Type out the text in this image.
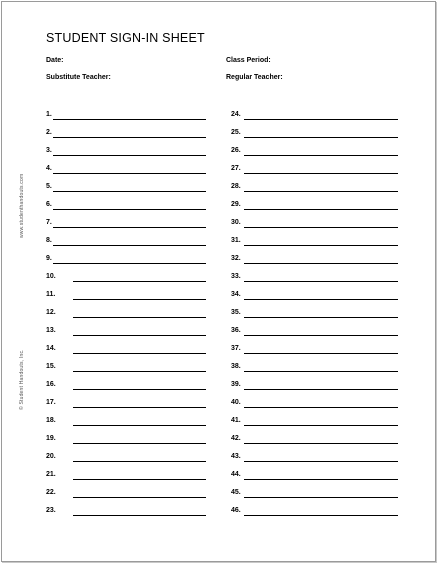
STUDENT SIGN-IN SHEET
Date:	Class Period:
Substitute Teacher:	Regular Teacher:
www.studenthandouts.com
© Student Handouts, Inc.
1.
2.
3.
4.
5.
6.
7.
8.
9.
10.
11.
12.
13.
14.
15.
16.
17.
18.
19.
20.
21.
22.
23.
24.
25.
26.
27.
28.
29.
30.
31.
32.
33.
34.
35.
36.
37.
38.
39.
40.
41.
42.
43.
44.
45.
46.
